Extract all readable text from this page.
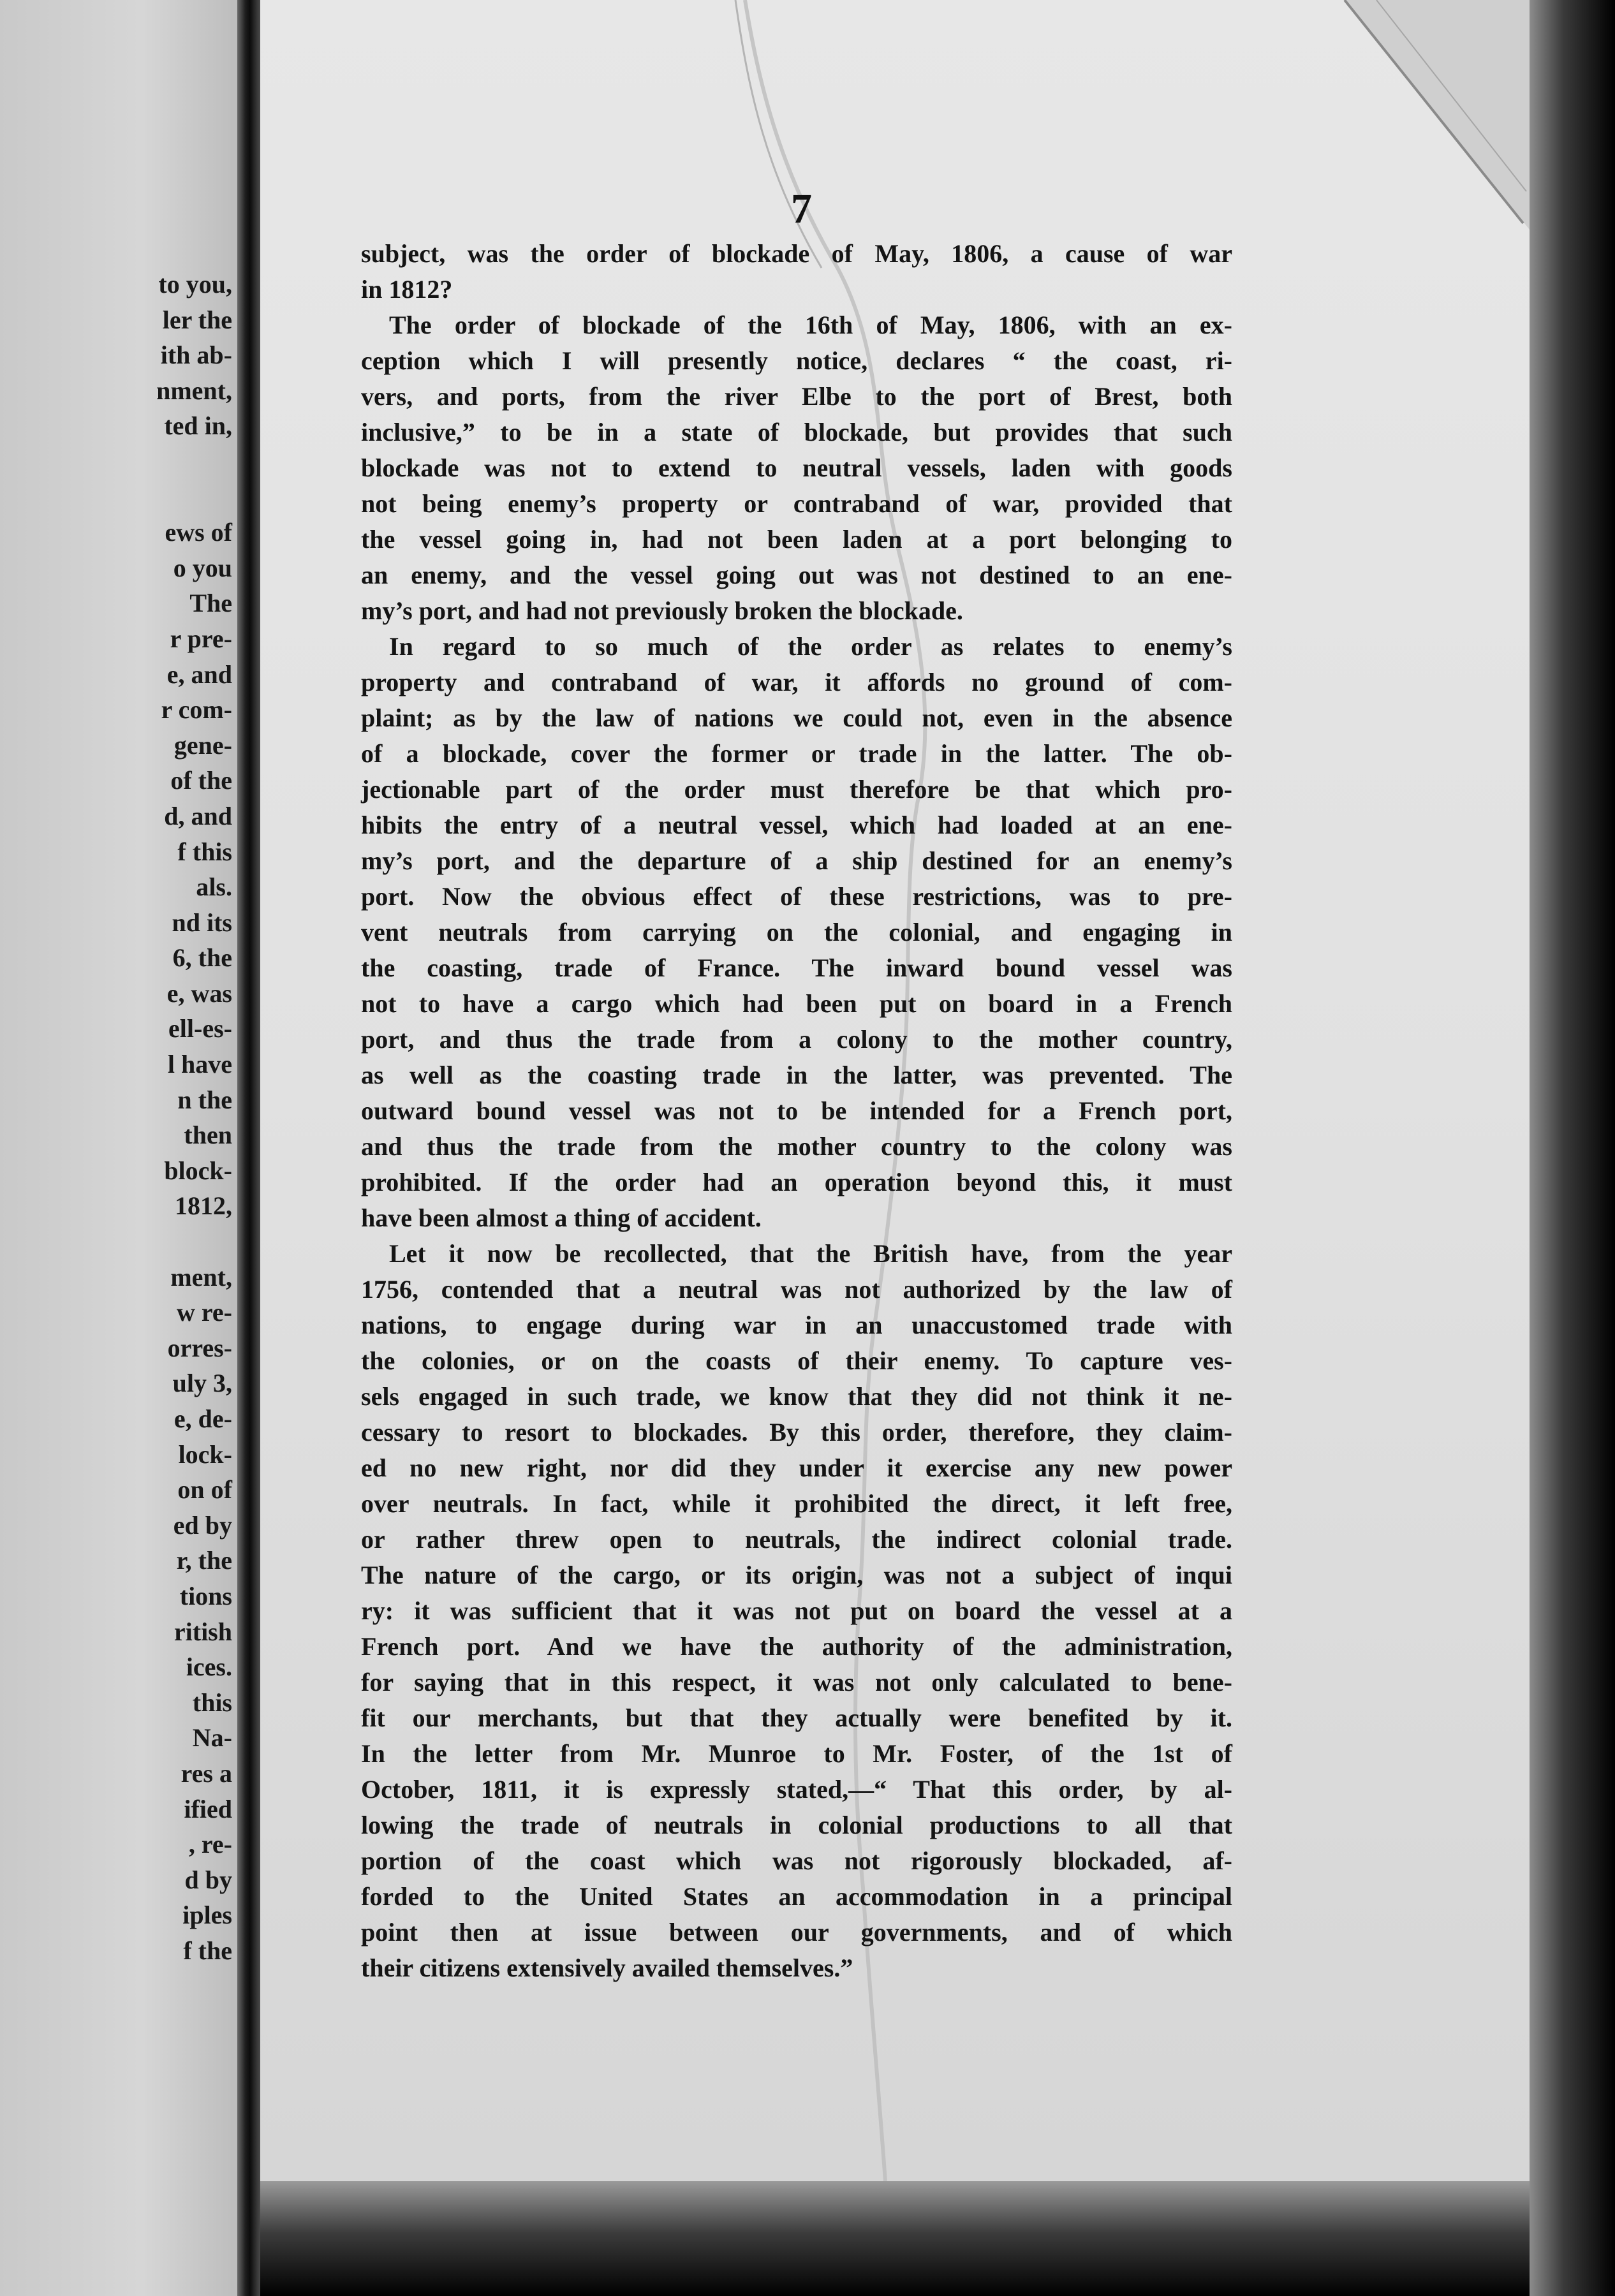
to you,
ler the
ith ab-
nment,
ted in,
ews of
o you
The
r pre-
e, and
r com-
gene-
of the
d, and
f this
als.
nd its
6, the
e, was
ell-es-
l have
n the
then
block-
1812,
ment,
w re-
orres-
uly 3,
e, de-
lock-
on of
ed by
r, the
tions
ritish
ices.
this
Na-
res a
ified
, re-
d by
iples
f the
7
subject, was the order of blockade of May, 1806, a cause of war
in 1812?
The order of blockade of the 16th of May, 1806, with an ex-
ception which I will presently notice, declares “ the coast, ri-
vers, and ports, from the river Elbe to the port of Brest, both
inclusive,” to be in a state of blockade, but provides that such
blockade was not to extend to neutral vessels, laden with goods
not being enemy’s property or contraband of war, provided that
the vessel going in, had not been laden at a port belonging to
an enemy, and the vessel going out was not destined to an ene-
my’s port, and had not previously broken the blockade.
In regard to so much of the order as relates to enemy’s
property and contraband of war, it affords no ground of com-
plaint; as by the law of nations we could not, even in the absence
of a blockade, cover the former or trade in the latter. The ob-
jectionable part of the order must therefore be that which pro-
hibits the entry of a neutral vessel, which had loaded at an ene-
my’s port, and the departure of a ship destined for an enemy’s
port. Now the obvious effect of these restrictions, was to pre-
vent neutrals from carrying on the colonial, and engaging in
the coasting, trade of France. The inward bound vessel was
not to have a cargo which had been put on board in a French
port, and thus the trade from a colony to the mother country,
as well as the coasting trade in the latter, was prevented. The
outward bound vessel was not to be intended for a French port,
and thus the trade from the mother country to the colony was
prohibited. If the order had an operation beyond this, it must
have been almost a thing of accident.
Let it now be recollected, that the British have, from the year
1756, contended that a neutral was not authorized by the law of
nations, to engage during war in an unaccustomed trade with
the colonies, or on the coasts of their enemy. To capture ves-
sels engaged in such trade, we know that they did not think it ne-
cessary to resort to blockades. By this order, therefore, they claim-
ed no new right, nor did they under it exercise any new power
over neutrals. In fact, while it prohibited the direct, it left free,
or rather threw open to neutrals, the indirect colonial trade.
The nature of the cargo, or its origin, was not a subject of inqui
ry: it was sufficient that it was not put on board the vessel at a
French port. And we have the authority of the administration,
for saying that in this respect, it was not only calculated to bene-
fit our merchants, but that they actually were benefited by it.
In the letter from Mr. Munroe to Mr. Foster, of the 1st of
October, 1811, it is expressly stated,—“ That this order, by al-
lowing the trade of neutrals in colonial productions to all that
portion of the coast which was not rigorously blockaded, af-
forded to the United States an accommodation in a principal
point then at issue between our governments, and of which
their citizens extensively availed themselves.”
